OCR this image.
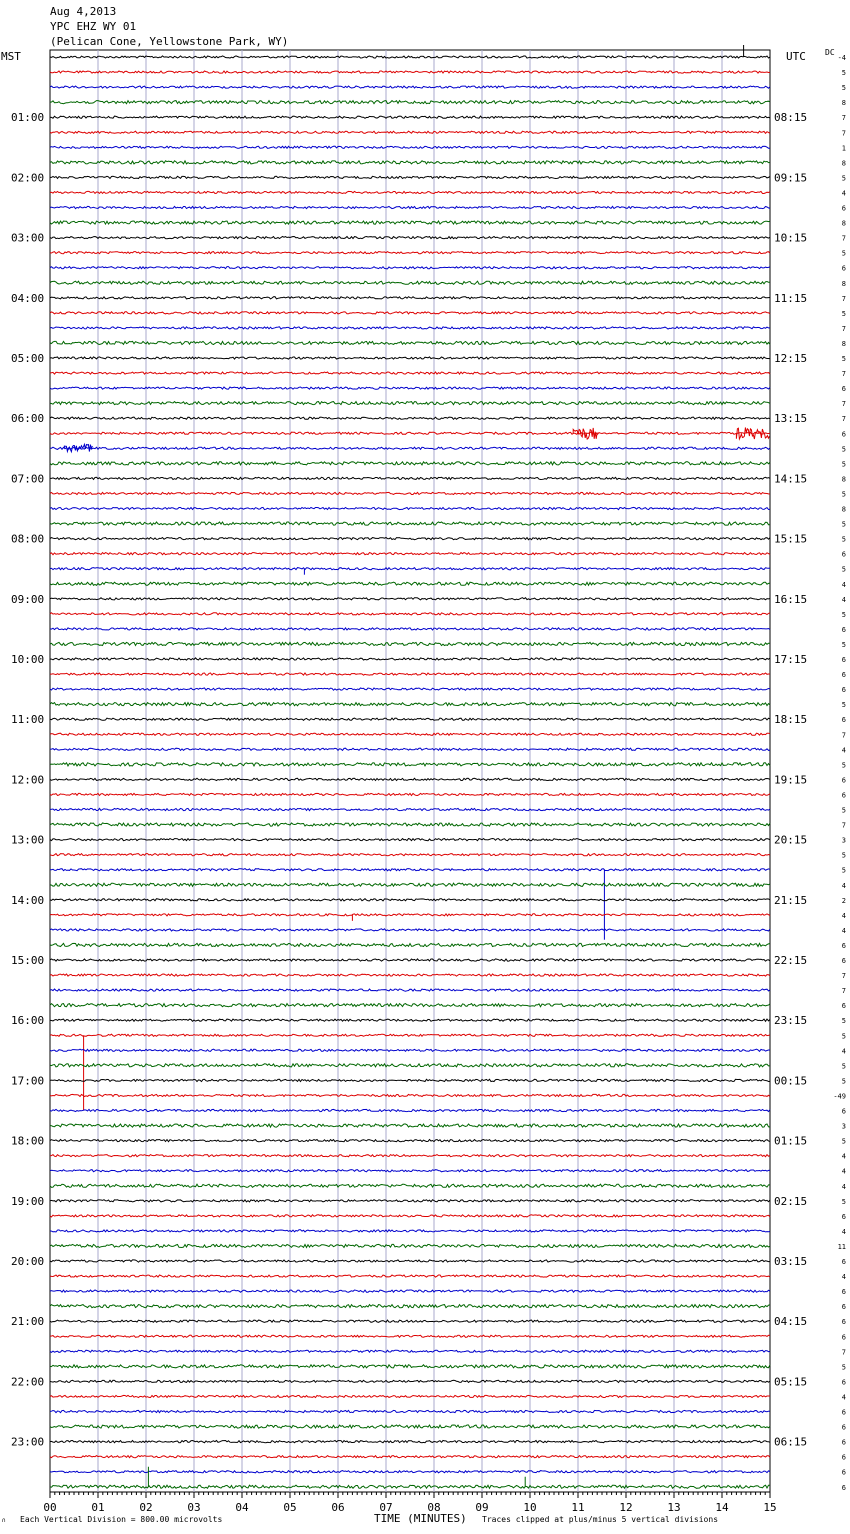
Aug 4,2013
YPC EHZ WY 01
(Pelican Cone, Yellowstone Park, WY)
MST	UTC DC
01:00
02:00
03:00
04:00
05:00
06:00
07:00
08:00
09:00
10:00
11:00
12:00
13:00
14:00
15:00
16:00
17:00
18:00
19:00
20:00
21:00
22:00
23:00
08:15
09:15
10:15
11:15
12:15
13:15
14:15
15:15
16:15
17:15
18:15
19:15
20:15
21:15
22:15
23:15
00:15
01:15
02:15
03:15
04:15
05:15
06:15
-4
5
5
8
7
7
1
8
5
4
6
8
7
5
6
8
7
5
7
8
5
7
6
7
7
6
5
5
8
5
8
5
5
6
5
4
4
5
6
5
6
6
6
5
6
7
4
5
6
6
5
7
3
5
5
4
2
4
4
6
6
7
7
6
5
5
4
5
5
-49
6
3
5
4
4
4
5
6
4
11
6
4
6
6
6
6
7
5
6
4
6
6
6
6
6
6
00	01	02	03	04	05	06	07	08	09	10	11	12	13	14	15
∩ Each Vertical Division = 800.00 microvolts	TIME (MINUTES) Traces clipped at plus/minus 5 vertical divisions
